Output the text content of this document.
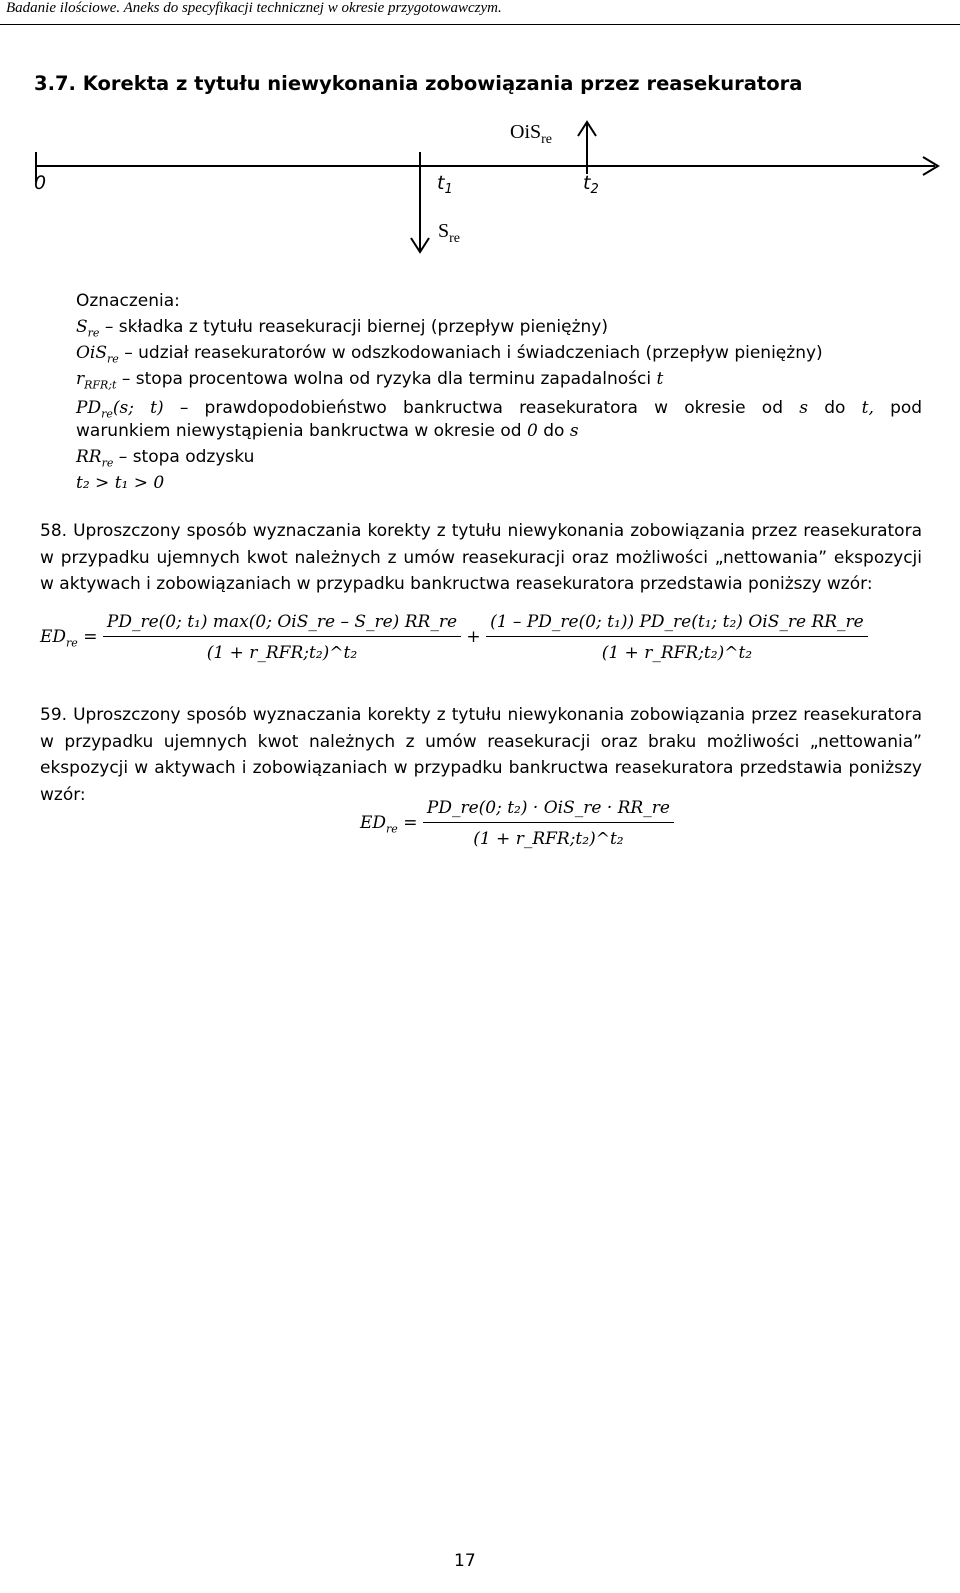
Badanie ilościowe. Aneks do specyfikacji technicznej w okresie przygotowawczym.
3.7. Korekta z tytułu niewykonania zobowiązania przez reasekuratora
0	$t_1$	$t_2$
OiS$_{re}$
$S_{re}$
Oznaczenia:
$S_{re}$ – składka z tytułu reasekuracji biernej (przepływ pieniężny)
OiS$_{re}$ – udział reasekuratorów w odszkodowaniach i świadczeniach (przepływ pieniężny)
$r_{RFR;t}$ – stopa procentowa wolna od ryzyka dla terminu zapadalności t
$PD_{re}(s$; t) – prawdopodobieństwo bankructwa reasekuratora w okresie od s do t, pod
warunkiem niewystąpienia bankructwa w okresie od 0 do s
$RR_{re}$ – stopa odzysku
t₂ > t₁ > 0

58. Uproszczony sposób wyznaczania korekty z tytułu niewykonania zobowiązania przez reasekuratora w przypadku ujemnych kwot należnych z umów reasekuracji oraz możliwości „nettowania” ekspozycji w aktywach i zobowiązaniach w przypadku bankructwa reasekuratora przedstawia poniższy wzór:

$ED_{re} = \frac{\text{PD\_re(0; t₁) max(0; OiS\_re – S\_re) RR\_re}}{\text{(1 + r\_RFR;t₂)\textasciicircum{}t₂}} + \frac{\text{(1 – PD\_re(0; t₁)) PD\_re(t₁; t₂) OiS\_re RR\_re}}{\text{(1 + r\_RFR;t₂)\textasciicircum{}t₂}}$

59. Uproszczony sposób wyznaczania korekty z tytułu niewykonania zobowiązania przez reasekuratora w przypadku ujemnych kwot należnych z umów reasekuracji oraz braku możliwości „nettowania” ekspozycji w aktywach i zobowiązaniach w przypadku bankructwa reasekuratora przedstawia poniższy wzór:

$ED_{re} = \frac{\text{PD\_re(0; t₂) · OiS\_re · RR\_re}}{\text{(1 + r\_RFR;t₂)\textasciicircum{}t₂}}$
17
